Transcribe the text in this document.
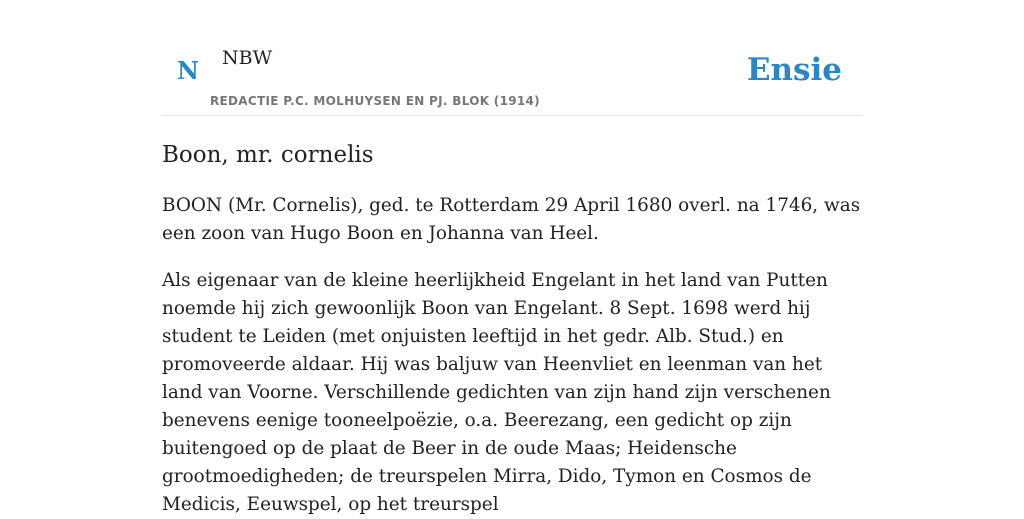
N NBW
REDACTIE P.C. MOLHUYSEN EN PJ. BLOK (1914)
Ensie
Boon, mr. cornelis

BOON (Mr. Cornelis), ged. te Rotterdam 29 April 1680 overl. na 1746, was een zoon van Hugo Boon en Johanna van Heel.

Als eigenaar van de kleine heerlijkheid Engelant in het land van Putten noemde hij zich gewoonlijk Boon van Engelant. 8 Sept. 1698 werd hij student te Leiden (met onjuisten leeftijd in het gedr. Alb. Stud.) en promoveerde aldaar. Hij was baljuw van Heenvliet en leenman van het land van Voorne. Verschillende gedichten van zijn hand zijn verschenen benevens eenige tooneelpoëzie, o.a. Beerezang, een gedicht op zijn buitengoed op de plaat de Beer in de oude Maas; Heidensche grootmoedigheden; de treurspelen Mirra, Dido, Tymon en Cosmos de Medicis, Eeuwspel, op het treurspel
